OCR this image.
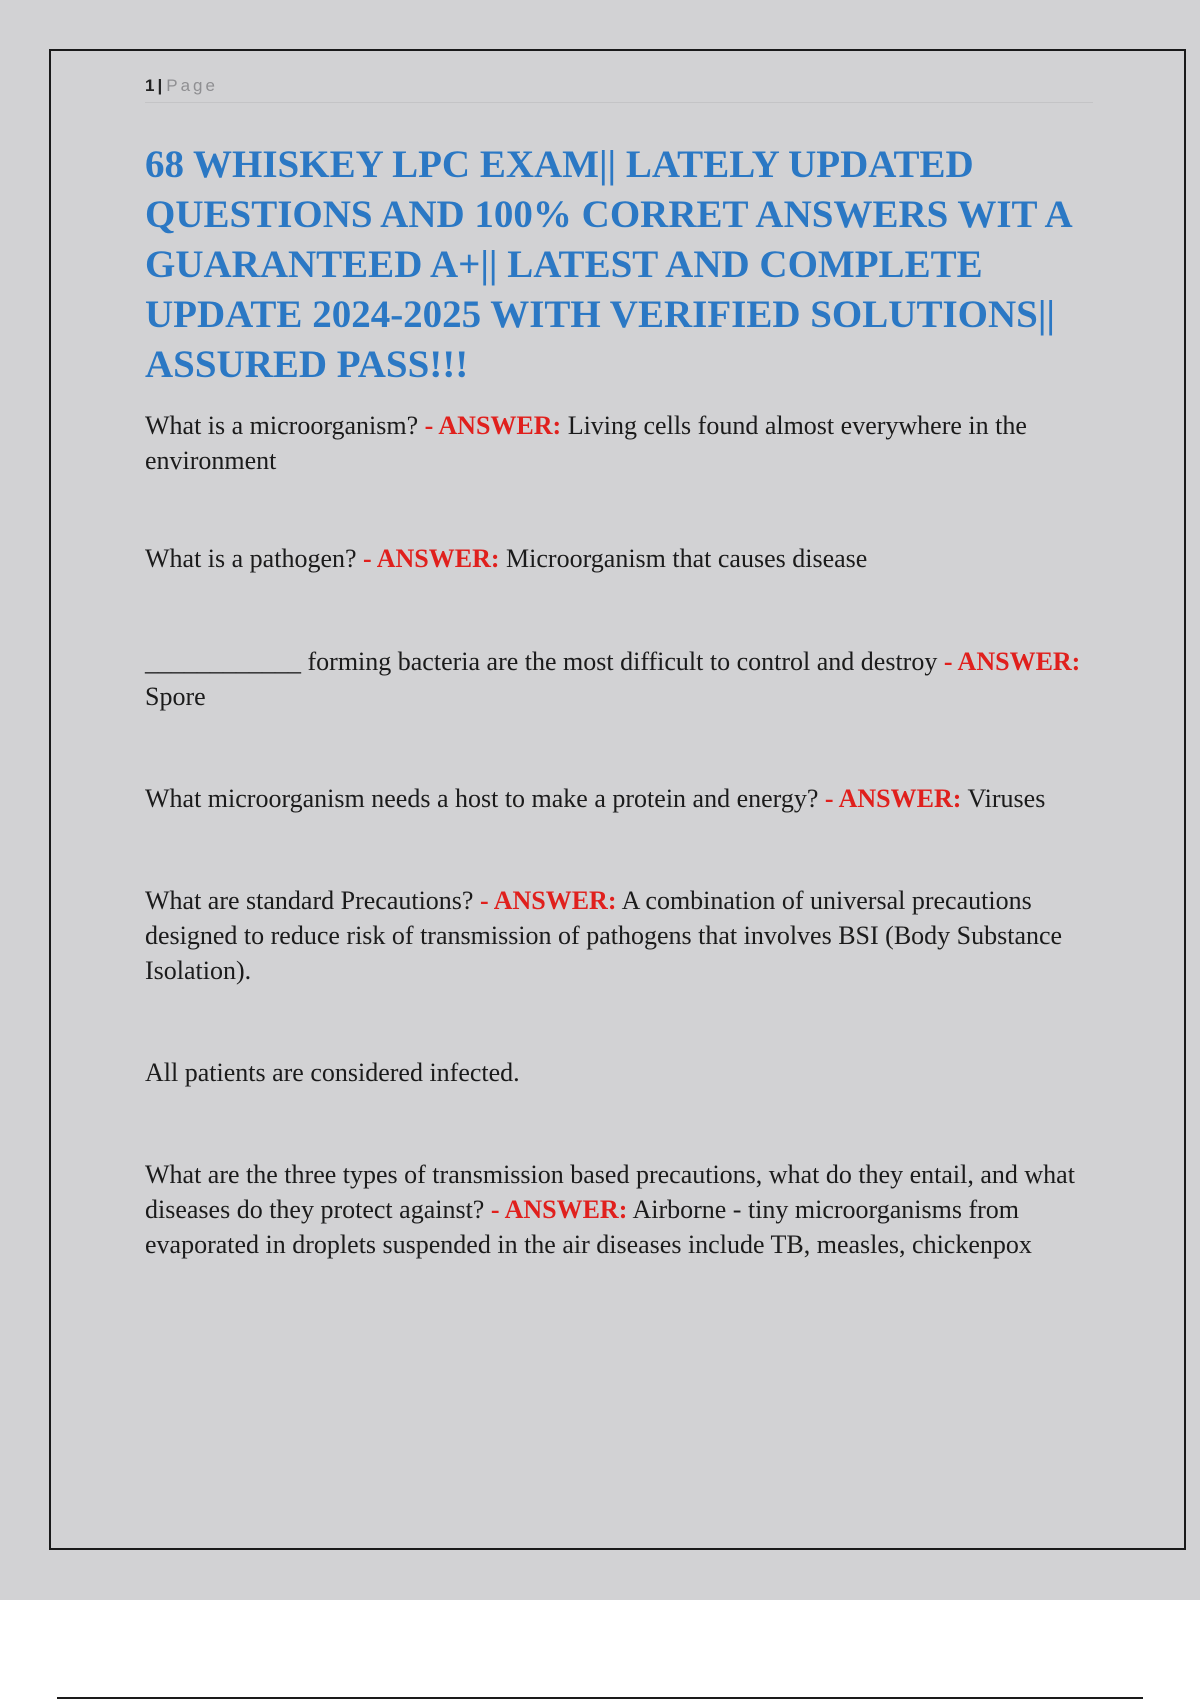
1 | Page
68 WHISKEY LPC EXAM|| LATELY UPDATED QUESTIONS AND 100% CORRET ANSWERS WIT A GUARANTEED A+|| LATEST AND COMPLETE UPDATE 2024-2025 WITH VERIFIED SOLUTIONS|| ASSURED PASS!!!

What is a microorganism? - ANSWER: Living cells found almost everywhere in the environment

What is a pathogen? - ANSWER: Microorganism that causes disease

____________ forming bacteria are the most difficult to control and destroy - ANSWER: Spore

What microorganism needs a host to make a protein and energy? - ANSWER: Viruses

What are standard Precautions? - ANSWER: A combination of universal precautions designed to reduce risk of transmission of pathogens that involves BSI (Body Substance Isolation).

All patients are considered infected.

What are the three types of transmission based precautions, what do they entail, and what diseases do they protect against? - ANSWER: Airborne - tiny microorganisms from evaporated in droplets suspended in the air diseases include TB, measles, chickenpox
